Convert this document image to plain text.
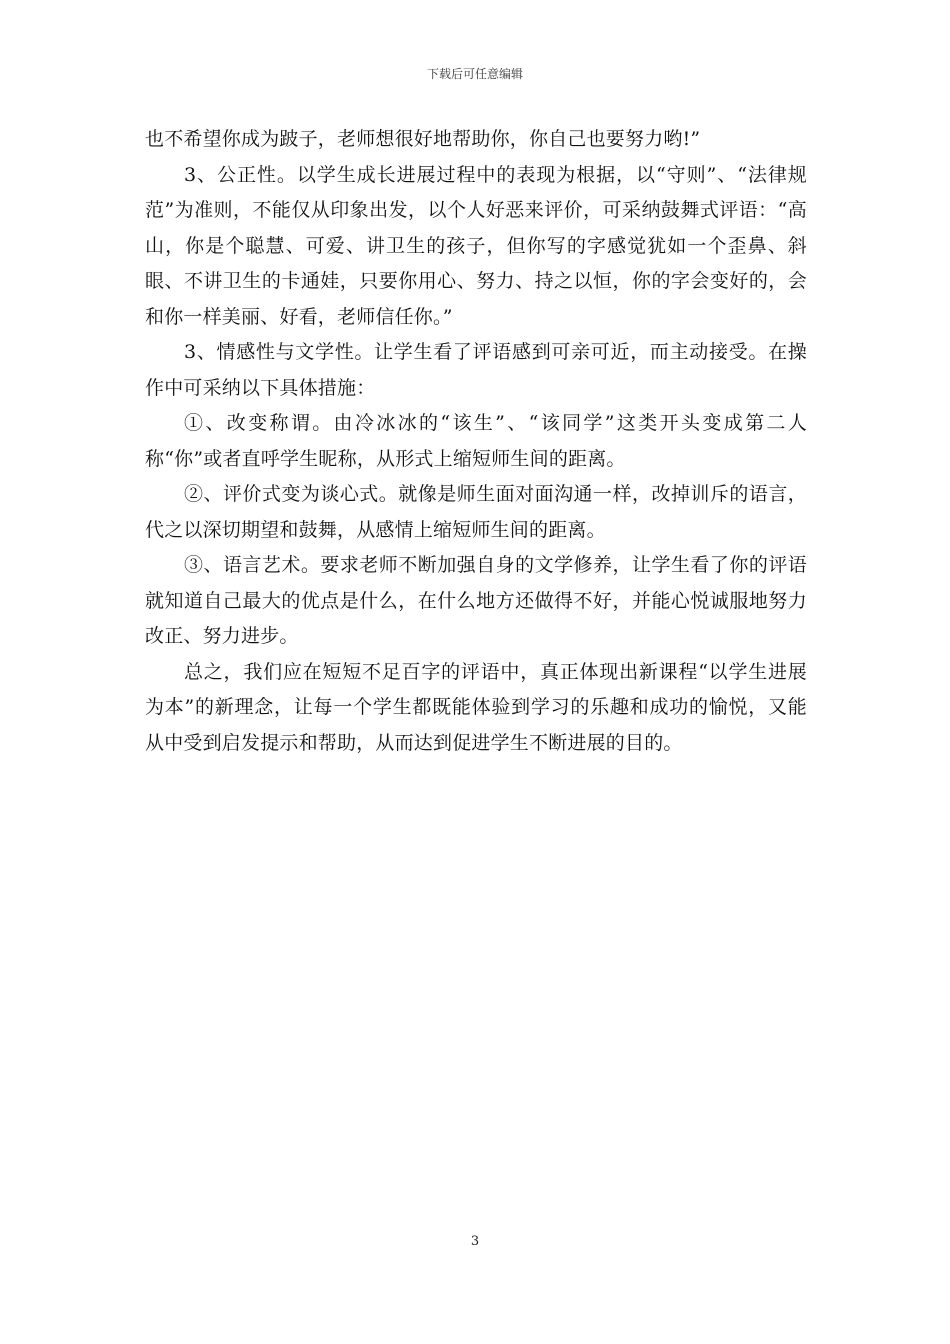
下载后可任意编辑

也不希望你成为跛子，老师想很好地帮助你，你自己也要努力哟!”

3、公正性。以学生成长进展过程中的表现为根据，以“守则”、“法律规范”为准则，不能仅从印象出发，以个人好恶来评价，可采纳鼓舞式评语：“高山，你是个聪慧、可爱、讲卫生的孩子，但你写的字感觉犹如一个歪鼻、斜眼、不讲卫生的卡通娃，只要你用心、努力、持之以恒，你的字会变好的，会和你一样美丽、好看，老师信任你。”

3、情感性与文学性。让学生看了评语感到可亲可近，而主动接受。在操作中可采纳以下具体措施：

①、改变称谓。由冷冰冰的“该生”、“该同学”这类开头变成第二人称“你”或者直呼学生昵称，从形式上缩短师生间的距离。

②、评价式变为谈心式。就像是师生面对面沟通一样，改掉训斥的语言，代之以深切期望和鼓舞，从感情上缩短师生间的距离。

③、语言艺术。要求老师不断加强自身的文学修养，让学生看了你的评语就知道自己最大的优点是什么，在什么地方还做得不好，并能心悦诚服地努力改正、努力进步。

总之，我们应在短短不足百字的评语中，真正体现出新课程“以学生进展为本”的新理念，让每一个学生都既能体验到学习的乐趣和成功的愉悦，又能从中受到启发提示和帮助，从而达到促进学生不断进展的目的。

3
